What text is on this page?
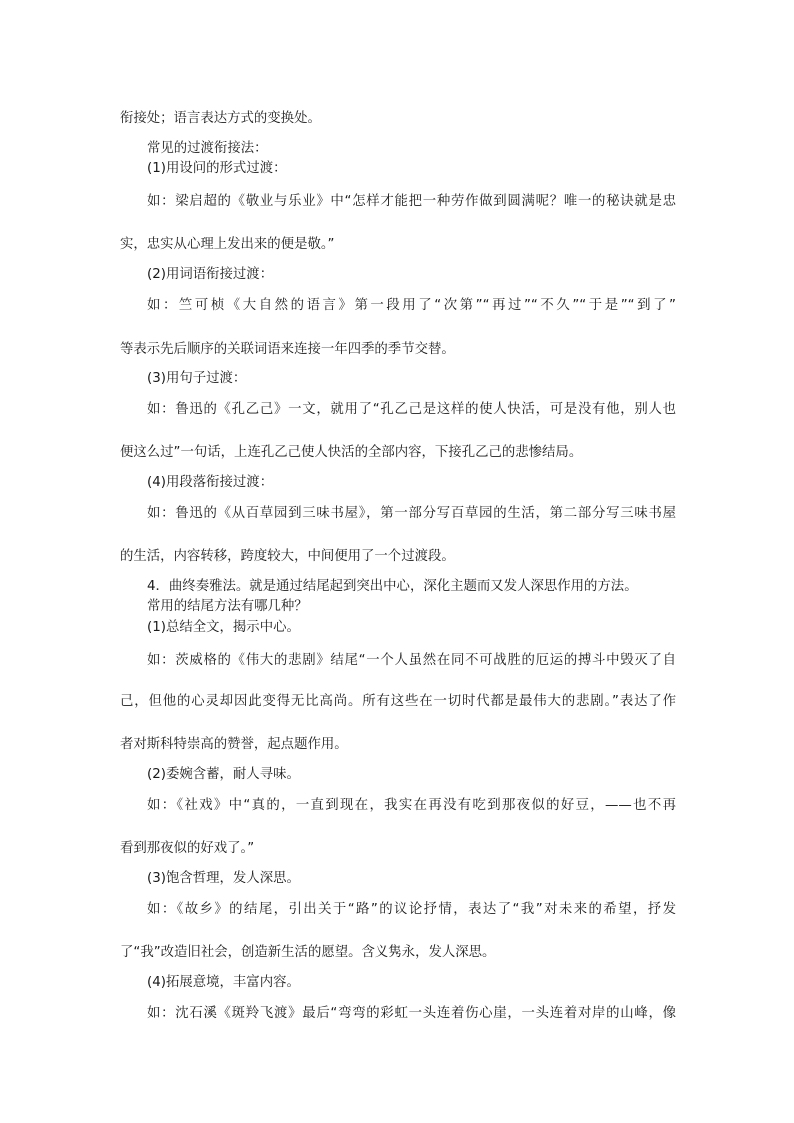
衔接处；语言表达方式的变换处。
常见的过渡衔接法：
(1)用设问的形式过渡：
如：梁启超的《敬业与乐业》中“怎样才能把一种劳作做到圆满呢？唯一的秘诀就是忠
实，忠实从心理上发出来的便是敬。”
(2)用词语衔接过渡：
如：竺可桢《大自然的语言》第一段用了“次第”“再过”“不久”“于是”“到了”
等表示先后顺序的关联词语来连接一年四季的季节交替。
(3)用句子过渡：
如：鲁迅的《孔乙己》一文，就用了“孔乙己是这样的使人快活，可是没有他，别人也
便这么过”一句话，上连孔乙己使人快活的全部内容，下接孔乙己的悲惨结局。
(4)用段落衔接过渡：
如：鲁迅的《从百草园到三味书屋》，第一部分写百草园的生活，第二部分写三味书屋
的生活，内容转移，跨度较大，中间便用了一个过渡段。
4．曲终奏雅法。就是通过结尾起到突出中心，深化主题而又发人深思作用的方法。
常用的结尾方法有哪几种？
(1)总结全文，揭示中心。
如：茨威格的《伟大的悲剧》结尾“一个人虽然在同不可战胜的厄运的搏斗中毁灭了自
己，但他的心灵却因此变得无比高尚。所有这些在一切时代都是最伟大的悲剧。”表达了作
者对斯科特崇高的赞誉，起点题作用。
(2)委婉含蓄，耐人寻味。
如：《社戏》中“真的，一直到现在，我实在再没有吃到那夜似的好豆，——也不再
看到那夜似的好戏了。”
(3)饱含哲理，发人深思。
如：《故乡》的结尾，引出关于“路”的议论抒情，表达了“我”对未来的希望，抒发
了“我”改造旧社会，创造新生活的愿望。含义隽永，发人深思。
(4)拓展意境，丰富内容。
如：沈石溪《斑羚飞渡》最后“弯弯的彩虹一头连着伤心崖，一头连着对岸的山峰，像
